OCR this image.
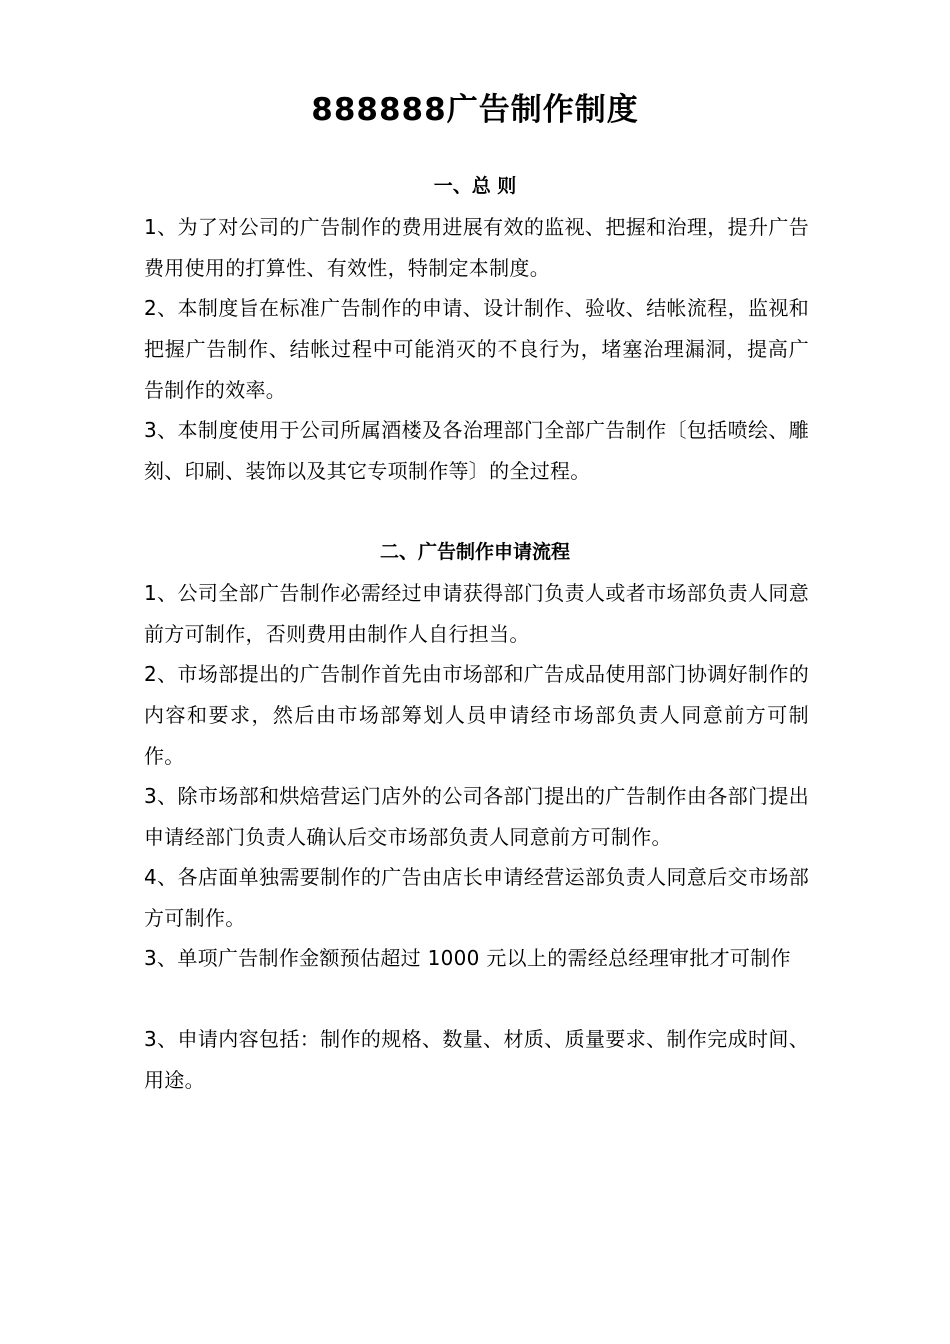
888888广告制作制度
一、总 则

1、为了对公司的广告制作的费用进展有效的监视、把握和治理，提升广告费用使用的打算性、有效性，特制定本制度。

2、本制度旨在标准广告制作的申请、设计制作、验收、结帐流程，监视和把握广告制作、结帐过程中可能消灭的不良行为，堵塞治理漏洞，提高广告制作的效率。

3、本制度使用于公司所属酒楼及各治理部门全部广告制作〔包括喷绘、雕刻、印刷、装饰以及其它专项制作等〕的全过程。

二、广告制作申请流程

1、公司全部广告制作必需经过申请获得部门负责人或者市场部负责人同意前方可制作，否则费用由制作人自行担当。

2、市场部提出的广告制作首先由市场部和广告成品使用部门协调好制作的内容和要求，然后由市场部筹划人员申请经市场部负责人同意前方可制作。

3、除市场部和烘焙营运门店外的公司各部门提出的广告制作由各部门提出申请经部门负责人确认后交市场部负责人同意前方可制作。

4、各店面单独需要制作的广告由店长申请经营运部负责人同意后交市场部方可制作。

3、单项广告制作金额预估超过 1000 元以上的需经总经理审批才可制作

3、申请内容包括：制作的规格、数量、材质、质量要求、制作完成时间、用途。
